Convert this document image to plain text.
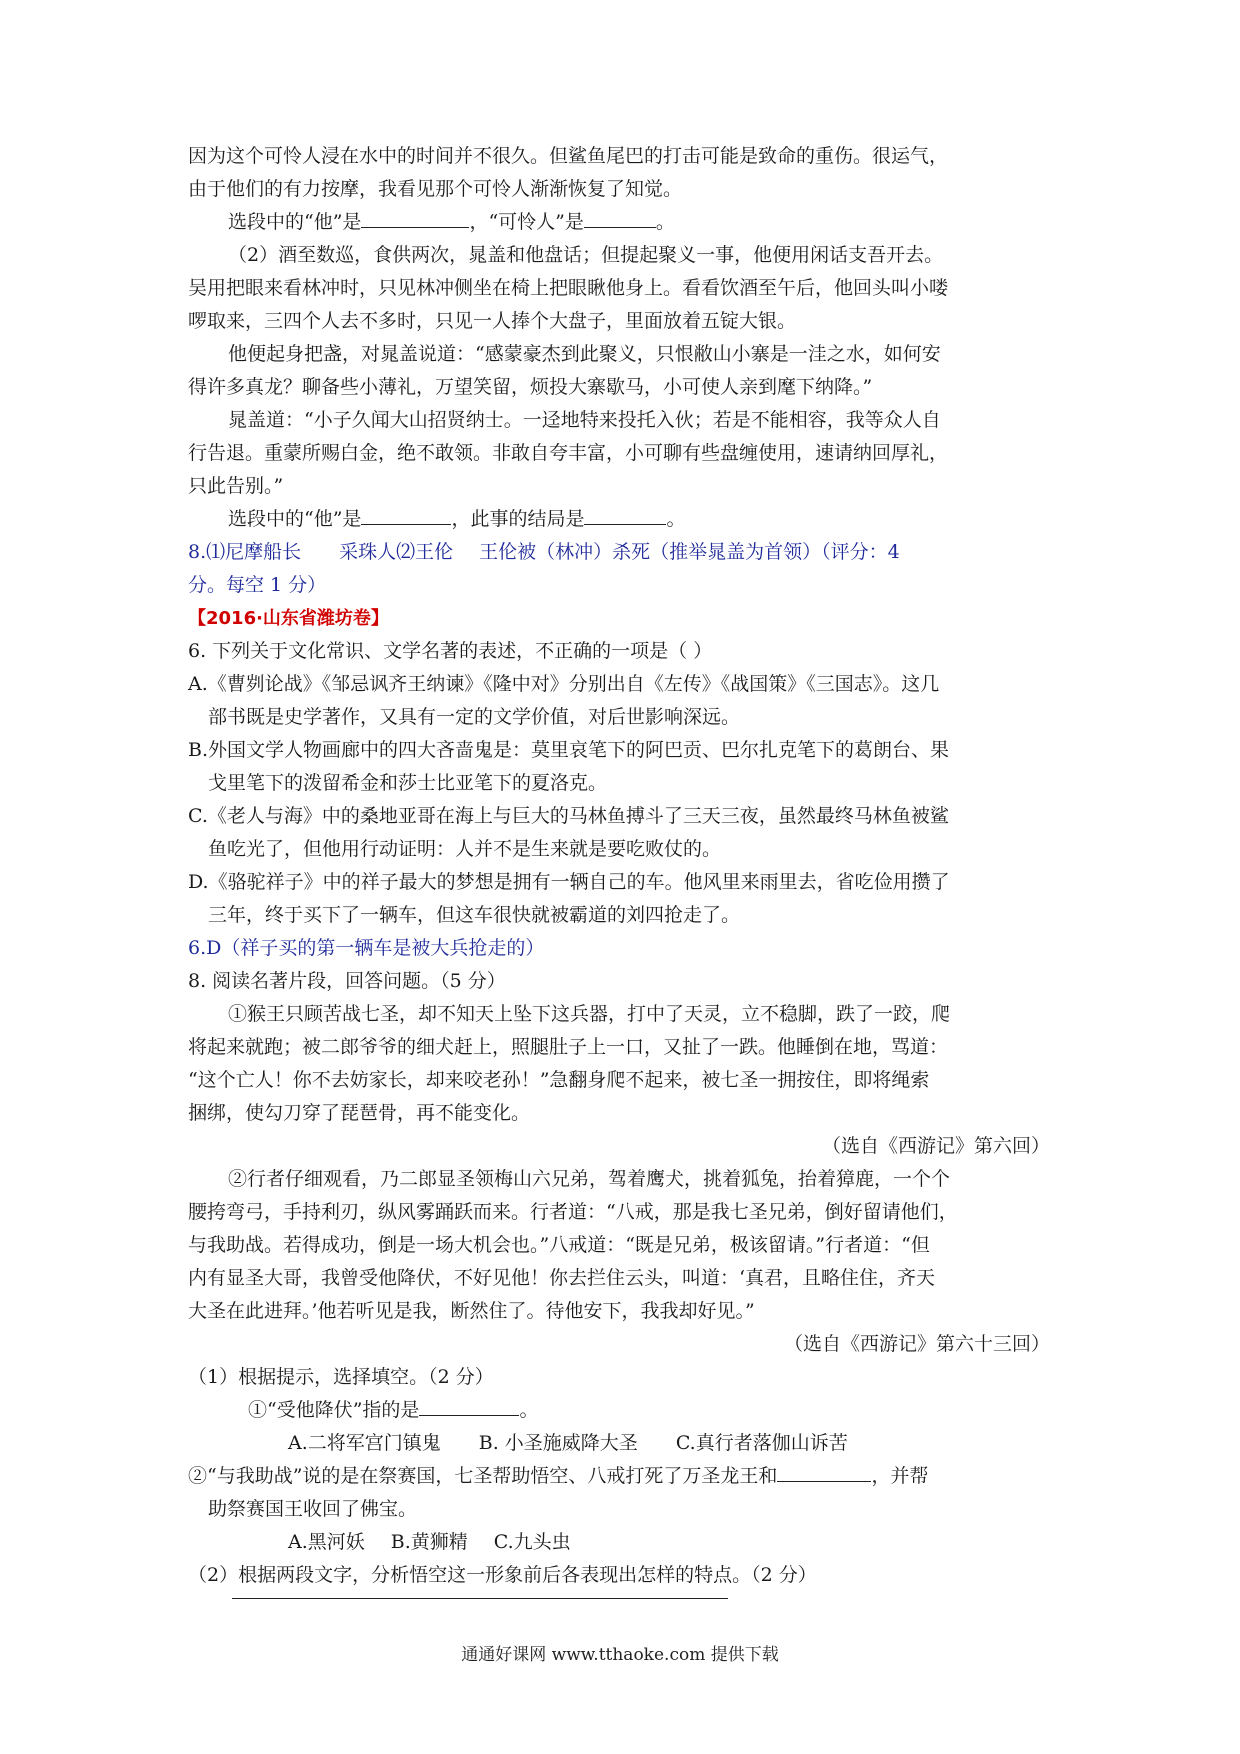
因为这个可怜人浸在水中的时间并不很久。但鲨鱼尾巴的打击可能是致命的重伤。很运气，
由于他们的有力按摩，我看见那个可怜人渐渐恢复了知觉。
选段中的“他”是	，“可怜人”是	。
（2）酒至数巡，食供两次，晁盖和他盘话；但提起聚义一事，他便用闲话支吾开去。
吴用把眼来看林冲时，只见林冲侧坐在椅上把眼瞅他身上。看看饮酒至午后，他回头叫小喽
啰取来，三四个人去不多时，只见一人捧个大盘子，里面放着五锭大银。
他便起身把盏，对晁盖说道：“感蒙豪杰到此聚义，只恨敝山小寨是一洼之水，如何安
得许多真龙？聊备些小薄礼，万望笑留，烦投大寨歇马，小可使人亲到麾下纳降。”
晁盖道：“小子久闻大山招贤纳士。一迳地特来投托入伙；若是不能相容，我等众人自
行告退。重蒙所赐白金，绝不敢领。非敢自夸丰富，小可聊有些盘缠使用，速请纳回厚礼，
只此告别。”
选段中的“他”是	，此事的结局是	。
8.⑴尼摩船长 采珠人⑵王伦 王伦被（林冲）杀死（推举晁盖为首领）（评分：4
分。每空 1 分）
【2016·山东省潍坊卷】
6. 下列关于文化常识、文学名著的表述，不正确的一项是（ ）
A.《曹刿论战》《邹忌讽齐王纳谏》《隆中对》分别出自《左传》《战国策》《三国志》。这几
部书既是史学著作，又具有一定的文学价值，对后世影响深远。
B.外国文学人物画廊中的四大吝啬鬼是：莫里哀笔下的阿巴贡、巴尔扎克笔下的葛朗台、果
戈里笔下的泼留希金和莎士比亚笔下的夏洛克。
C.《老人与海》中的桑地亚哥在海上与巨大的马林鱼搏斗了三天三夜，虽然最终马林鱼被鲨
鱼吃光了，但他用行动证明：人并不是生来就是要吃败仗的。
D.《骆驼祥子》中的祥子最大的梦想是拥有一辆自己的车。他风里来雨里去，省吃俭用攒了
三年，终于买下了一辆车，但这车很快就被霸道的刘四抢走了。
6.D（祥子买的第一辆车是被大兵抢走的）
8. 阅读名著片段，回答问题。（5 分）
①猴王只顾苦战七圣，却不知天上坠下这兵器，打中了天灵，立不稳脚，跌了一跤，爬
将起来就跑；被二郎爷爷的细犬赶上，照腿肚子上一口，又扯了一跌。他睡倒在地，骂道：
“这个亡人！你不去妨家长，却来咬老孙！”急翻身爬不起来，被七圣一拥按住，即将绳索
捆绑，使勾刀穿了琵琶骨，再不能变化。
（选自《西游记》第六回）
②行者仔细观看，乃二郎显圣领梅山六兄弟，驾着鹰犬，挑着狐兔，抬着獐鹿，一个个
腰挎弯弓，手持利刃，纵风雾踊跃而来。行者道：“八戒，那是我七圣兄弟，倒好留请他们，
与我助战。若得成功，倒是一场大机会也。”八戒道：“既是兄弟，极该留请。”行者道：“但
内有显圣大哥，我曾受他降伏，不好见他！你去拦住云头，叫道：‘真君，且略住住，齐天
大圣在此进拜。’他若听见是我，断然住了。待他安下，我我却好见。”
（选自《西游记》第六十三回）
（1）根据提示，选择填空。（2 分）
①“受他降伏”指的是	。
A.二将军宫门镇鬼 B. 小圣施威降大圣 C.真行者落伽山诉苦
②“与我助战”说的是在祭赛国，七圣帮助悟空、八戒打死了万圣龙王和	，并帮
助祭赛国王收回了佛宝。
A.黑河妖 B.黄狮精 C.九头虫
（2）根据两段文字，分析悟空这一形象前后各表现出怎样的特点。（2 分）
通通好课网 www.tthaoke.com 提供下载
